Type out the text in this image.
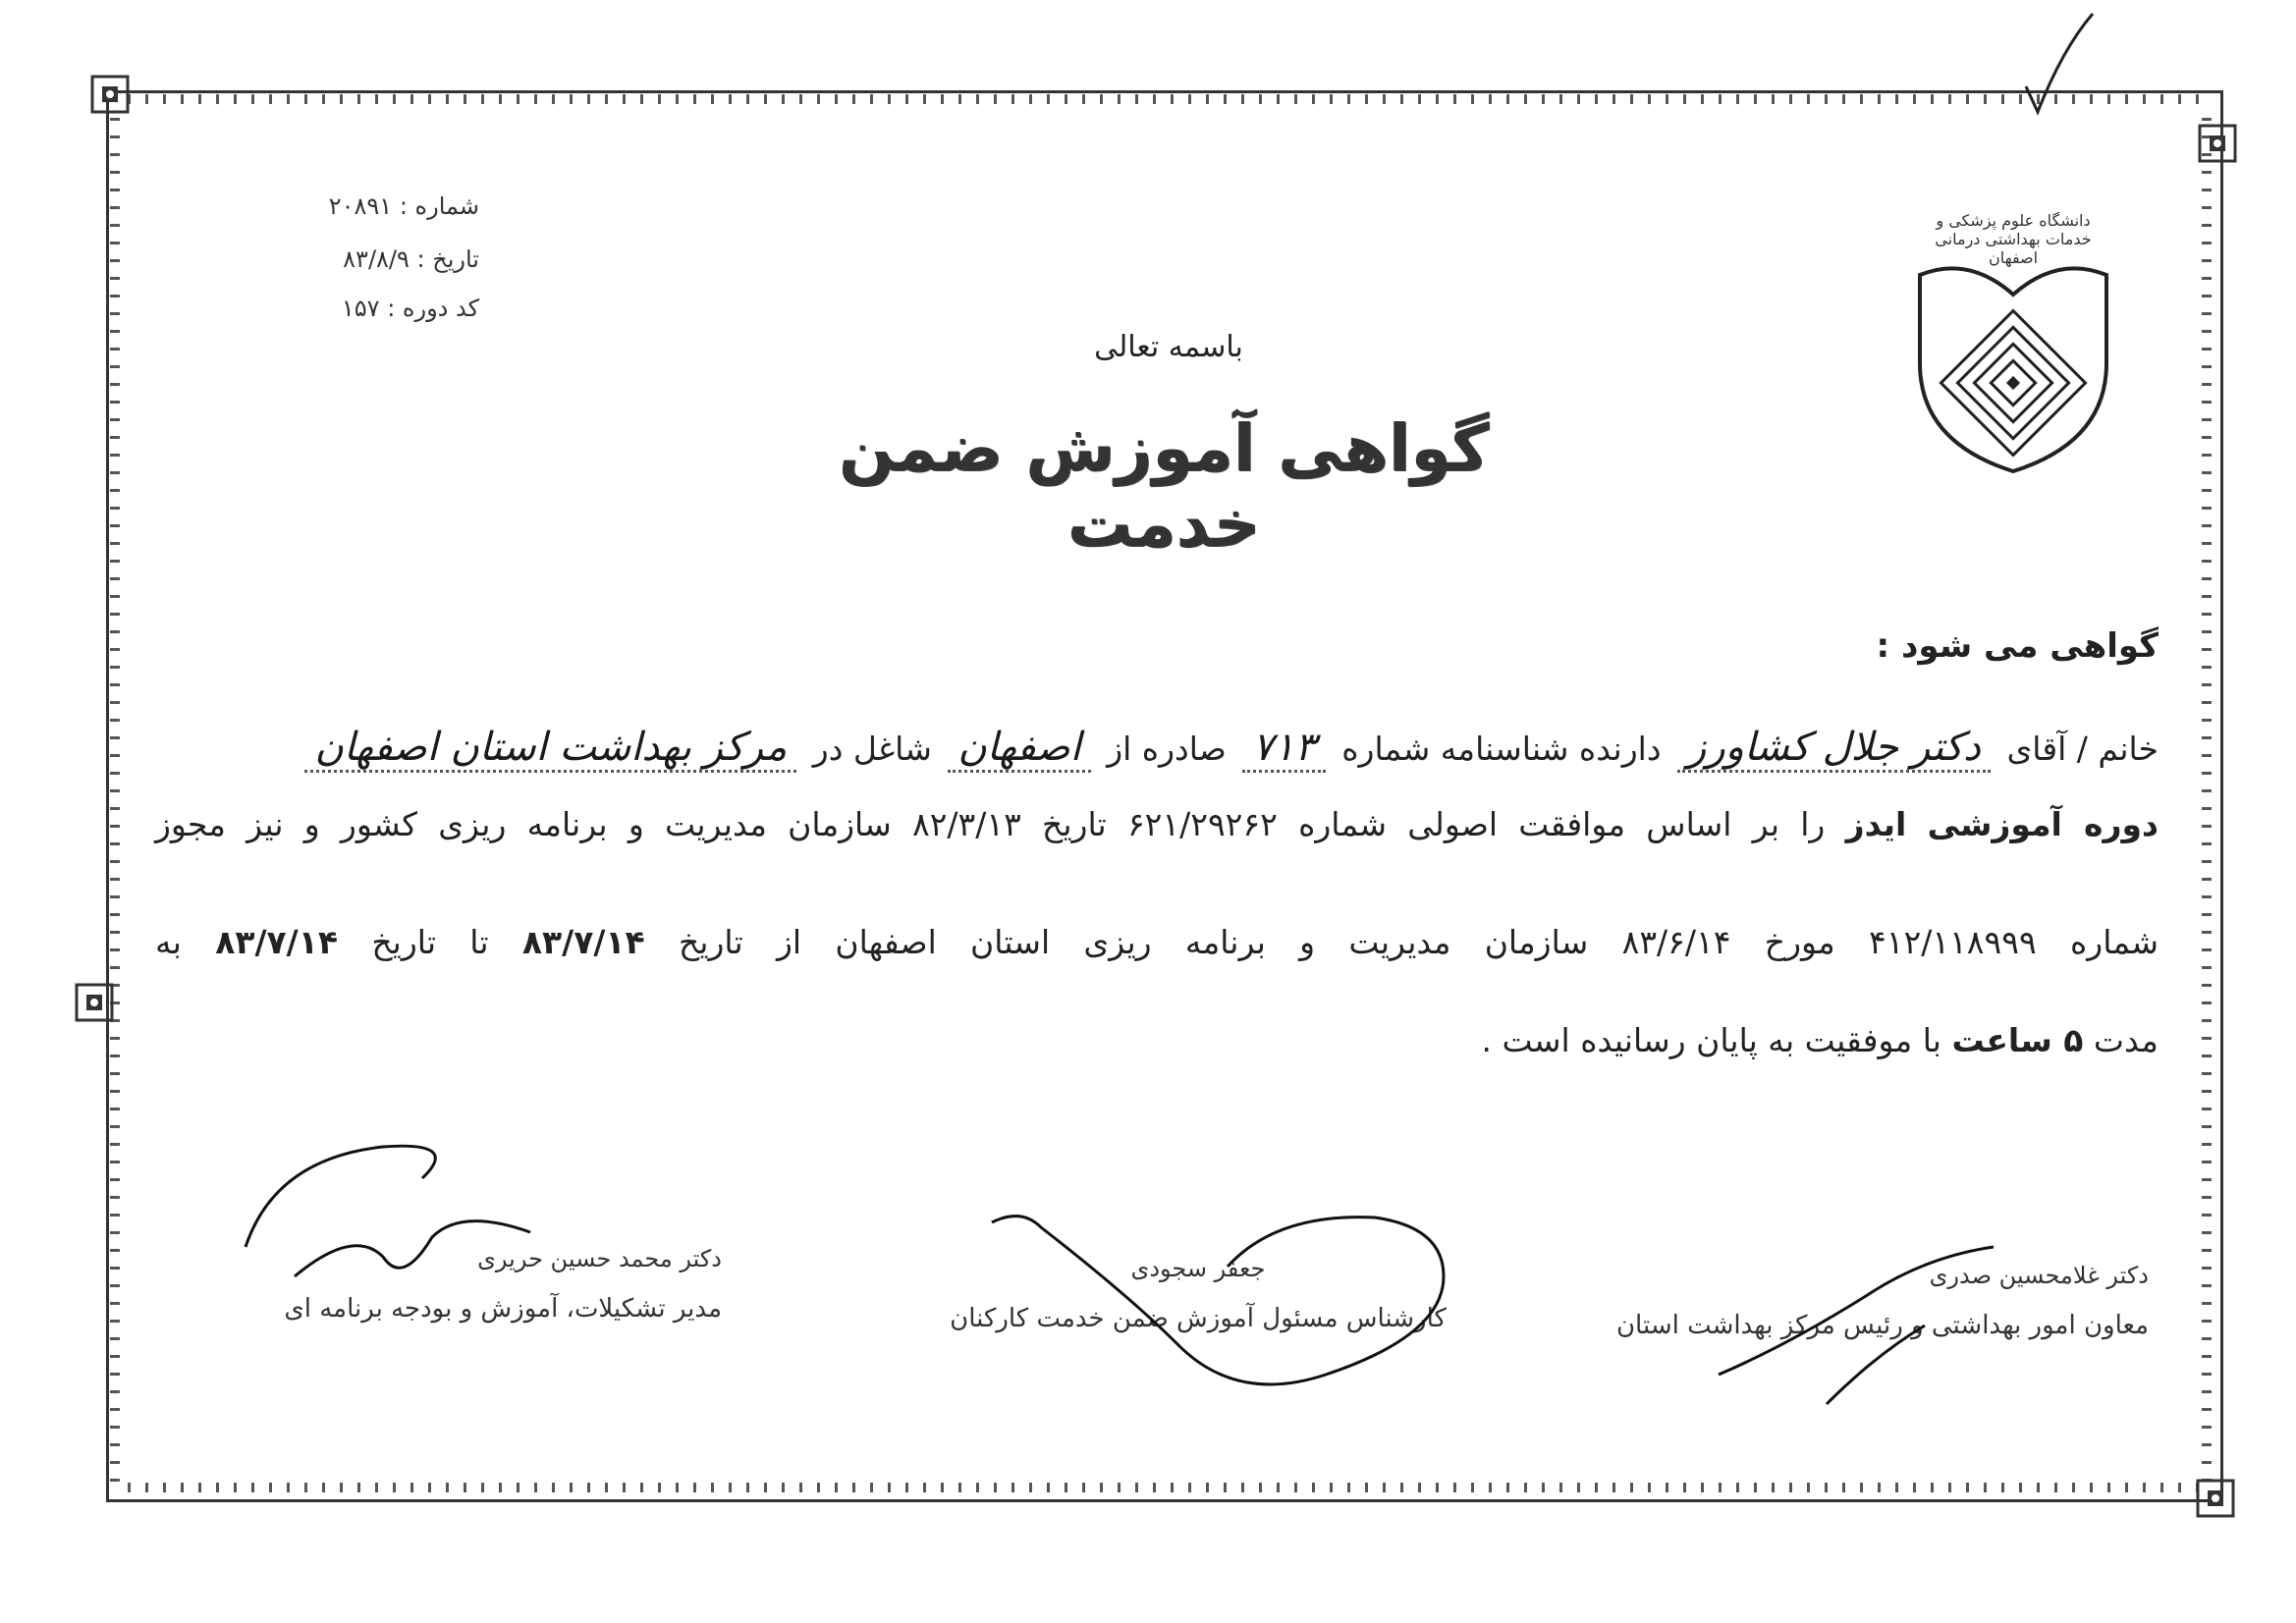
شماره : ۲۰۸۹۱
تاریخ : ۸۳/۸/۹
کد دوره : ۱۵۷
دانشگاه علوم پزشکی و خدمات بهداشتی درمانی اصفهان
باسمه تعالی
گواهی آموزش ضمن خدمت
گواهی می شود :
خانم / آقای دکتر جلال کشاورز دارنده شناسنامه شماره ۷۱۳ صادره از اصفهان شاغل در مرکز بهداشت استان اصفهان
دوره آموزشی ایدز را بر اساس موافقت اصولی شماره ۶۲۱/۲۹۲۶۲ تاریخ ۸۲/۳/۱۳ سازمان مدیریت و برنامه ریزی کشور و نیز مجوز
شماره ۴۱۲/۱۱۸۹۹۹ مورخ ۸۳/۶/۱۴ سازمان مدیریت و برنامه ریزی استان اصفهان از تاریخ ۸۳/۷/۱۴ تا تاریخ ۸۳/۷/۱۴ به
مدت ۵ ساعت با موفقیت به پایان رسانیده است .
دکتر غلامحسین صدری
معاون امور بهداشتی و رئیس مرکز بهداشت استان
جعفر سجودی
کارشناس مسئول آموزش ضمن خدمت کارکنان
دکتر محمد حسین حریری
مدیر تشکیلات، آموزش و بودجه برنامه ای
